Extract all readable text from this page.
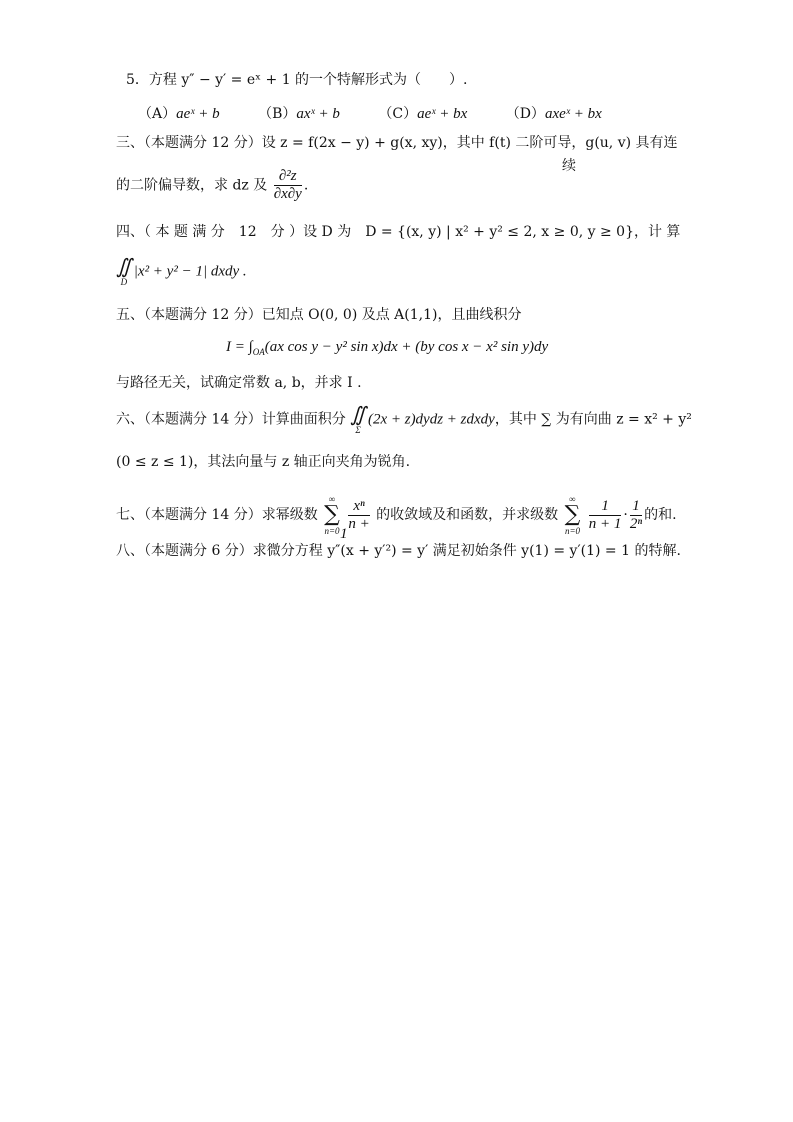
5．方程 y″ − y′ = eˣ + 1 的一个特解形式为（　　）.
（A）aeˣ + b	（B）axˣ + b	（C）aeˣ + bx	（D）axeˣ + bx
三、（本题满分 12 分）设 z = f(2x − y) + g(x, xy)，其中 f(t) 二阶可导，g(u, v) 具有连
续
的二阶偏导数，求 dz 及 $\frac{\text{∂²z}}{\partial x\partial y}$ .
四、（ 本 题 满 分　12　分 ）设 D 为　D = {(x, y) | x² + y² ≤ 2, x ≥ 0, y ≥ 0}，计 算
∬
D
|x² + y² − 1| dxdy .
五、（本题满分 12 分）已知点 O(0, 0) 及点 A(1,1)，且曲线积分
$I = \int_{OA}(ax$ cos y − y² sin x)dx + (by cos x − x² sin y)dy
与路径无关，试确定常数 a, b，并求 I .
六、（本题满分 14 分）计算曲面积分 ∬
Σ
(2x + z)dydz + zdxdy，其中 ∑ 为有向曲 z = x² + y²
(0 ≤ z ≤ 1)，其法向量与 z 轴正向夹角为锐角.
七、（本题满分 14 分）求幂级数
∞
∑
n=0
$\frac{\text{xⁿ}}{n +}$ 的收敛域及和函数，并求级数
∞
∑
n=0
$\frac{1}{n + 1} \cdot \frac{1}{\text{2ⁿ}}$ 的和.
1
八、（本题满分 6 分）求微分方程 y″(x + y′²) = y′ 满足初始条件 y(1) = y′(1) = 1 的特解.
